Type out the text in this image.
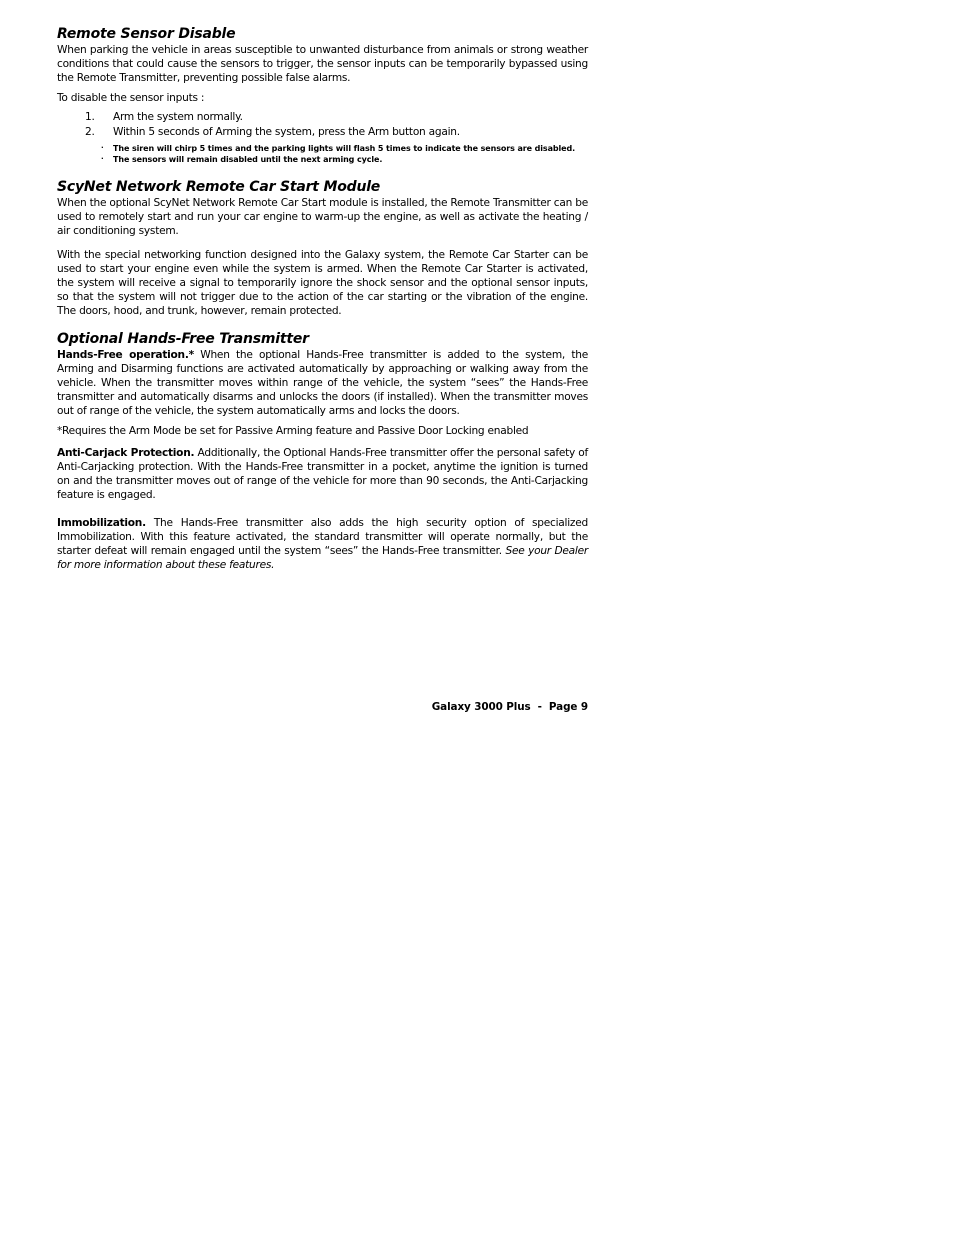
Remote Sensor Disable

When parking the vehicle in areas susceptible to unwanted disturbance from animals or strong weather conditions that could cause the sensors to trigger, the sensor inputs can be temporarily bypassed using the Remote Transmitter, preventing possible false alarms.

To disable the sensor inputs :

1.	Arm the system normally.
2.	Within 5 seconds of Arming the system, press the Arm button again.
·	The siren will chirp 5 times and the parking lights will flash 5 times to indicate the sensors are disabled.
·	The sensors will remain disabled until the next arming cycle.
ScyNet Network Remote Car Start Module

When the optional ScyNet Network Remote Car Start module is installed, the Remote Transmitter can be used to remotely start and run your car engine to warm-up the engine, as well as activate the heating / air conditioning system.

With the special networking function designed into the Galaxy system, the Remote Car Starter can be used to start your engine even while the system is armed. When the Remote Car Starter is activated, the system will receive a signal to temporarily ignore the shock sensor and the optional sensor inputs, so that the system will not trigger due to the action of the car starting or the vibration of the engine. The doors, hood, and trunk, however, remain protected.

Optional Hands-Free Transmitter

Hands-Free operation.* When the optional Hands-Free transmitter is added to the system, the Arming and Disarming functions are activated automatically by approaching or walking away from the vehicle. When the transmitter moves within range of the vehicle, the system “sees” the Hands-Free transmitter and automatically disarms and unlocks the doors (if installed). When the transmitter moves out of range of the vehicle, the system automatically arms and locks the doors.

*Requires the Arm Mode be set for Passive Arming feature and Passive Door Locking enabled

Anti-Carjack Protection. Additionally, the Optional Hands-Free transmitter offer the personal safety of Anti-Carjacking protection. With the Hands-Free transmitter in a pocket, anytime the ignition is turned on and the transmitter moves out of range of the vehicle for more than 90 seconds, the Anti-Carjacking feature is engaged.

Immobilization. The Hands-Free transmitter also adds the high security option of specialized Immobilization. With this feature activated, the standard transmitter will operate normally, but the starter defeat will remain engaged until the system “sees” the Hands-Free transmitter. See your Dealer for more information about these features.

Galaxy 3000 Plus  -  Page 9
